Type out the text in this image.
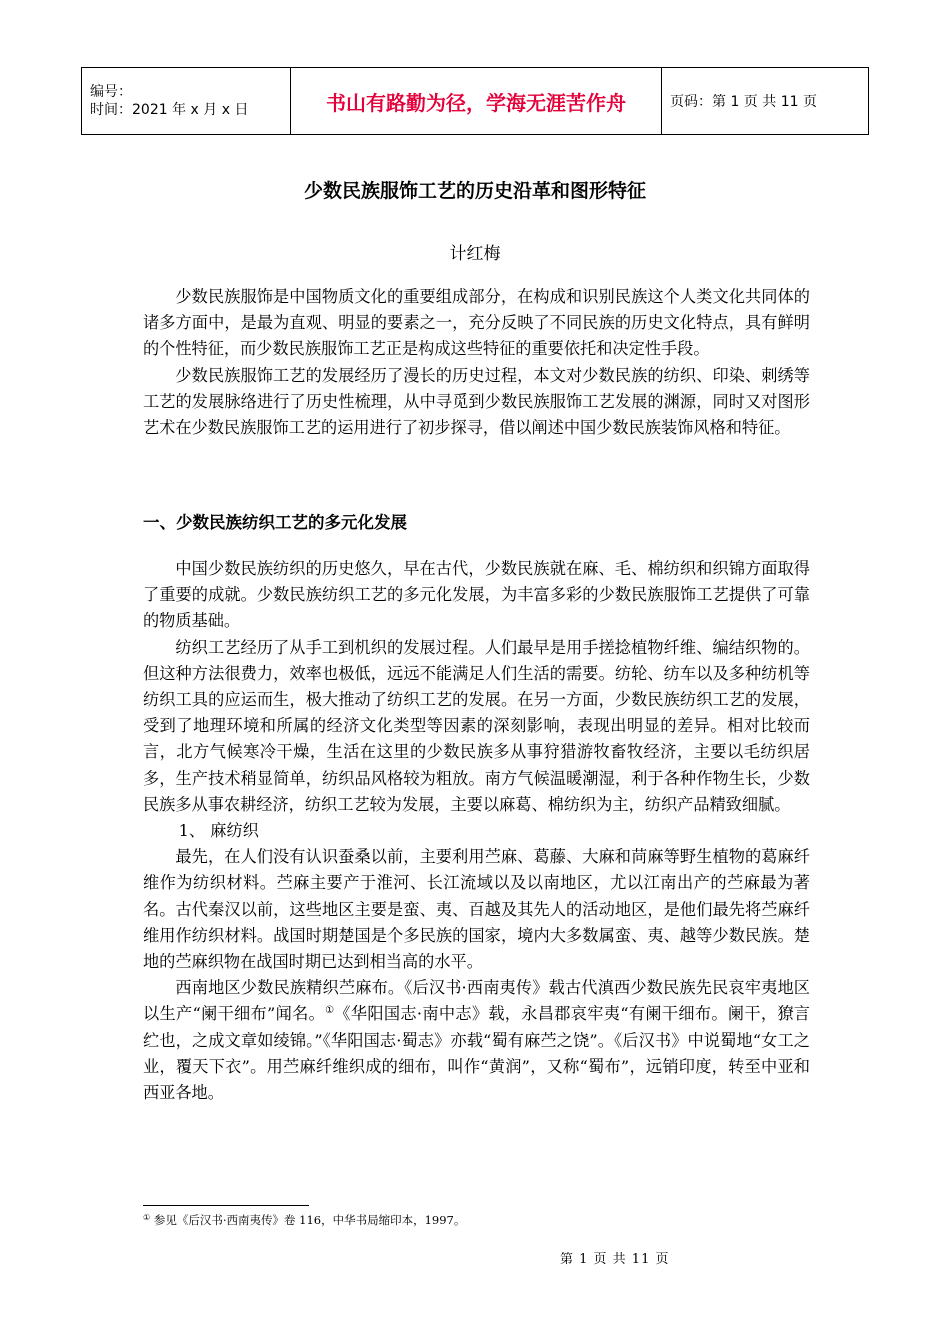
编号：
时间：2021 年 x 月 x 日	书山有路勤为径，学海无涯苦作舟	页码：第 1 页 共 11 页
少数民族服饰工艺的历史沿革和图形特征
计红梅

少数民族服饰是中国物质文化的重要组成部分，在构成和识别民族这个人类文化共同体的诸多方面中，是最为直观、明显的要素之一，充分反映了不同民族的历史文化特点，具有鲜明的个性特征，而少数民族服饰工艺正是构成这些特征的重要依托和决定性手段。

少数民族服饰工艺的发展经历了漫长的历史过程，本文对少数民族的纺织、印染、刺绣等工艺的发展脉络进行了历史性梳理，从中寻觅到少数民族服饰工艺发展的渊源，同时又对图形艺术在少数民族服饰工艺的运用进行了初步探寻，借以阐述中国少数民族装饰风格和特征。

一、少数民族纺织工艺的多元化发展

中国少数民族纺织的历史悠久，早在古代，少数民族就在麻、毛、棉纺织和织锦方面取得了重要的成就。少数民族纺织工艺的多元化发展，为丰富多彩的少数民族服饰工艺提供了可靠的物质基础。

纺织工艺经历了从手工到机织的发展过程。人们最早是用手搓捻植物纤维、编结织物的。但这种方法很费力，效率也极低，远远不能满足人们生活的需要。纺轮、纺车以及多种纺机等纺织工具的应运而生，极大推动了纺织工艺的发展。在另一方面，少数民族纺织工艺的发展，受到了地理环境和所属的经济文化类型等因素的深刻影响，表现出明显的差异。相对比较而言，北方气候寒冷干燥，生活在这里的少数民族多从事狩猎游牧畜牧经济，主要以毛纺织居多，生产技术稍显简单，纺织品风格较为粗放。南方气候温暖潮湿，利于各种作物生长，少数民族多从事农耕经济，纺织工艺较为发展，主要以麻葛、棉纺织为主，纺织产品精致细腻。

1、 麻纺织

最先，在人们没有认识蚕桑以前，主要利用苎麻、葛藤、大麻和苘麻等野生植物的葛麻纤维作为纺织材料。苎麻主要产于淮河、长江流域以及以南地区，尤以江南出产的苎麻最为著名。古代秦汉以前，这些地区主要是蛮、夷、百越及其先人的活动地区，是他们最先将苎麻纤维用作纺织材料。战国时期楚国是个多民族的国家，境内大多数属蛮、夷、越等少数民族。楚地的苎麻织物在战国时期已达到相当高的水平。

西南地区少数民族精织苎麻布。《后汉书·西南夷传》载古代滇西少数民族先民哀牢夷地区以生产“阑干细布”闻名。①《华阳国志·南中志》载，永昌郡哀牢夷“有阑干细布。阑干，獠言纻也，之成文章如绫锦。”《华阳国志·蜀志》亦载“蜀有麻苎之饶”。《后汉书》中说蜀地“女工之业，覆天下衣”。用苎麻纤维织成的细布，叫作“黄润”，又称“蜀布”，远销印度，转至中亚和西亚各地。

① 参见《后汉书·西南夷传》卷 116，中华书局缩印本，1997。
第 1 页 共 11 页
